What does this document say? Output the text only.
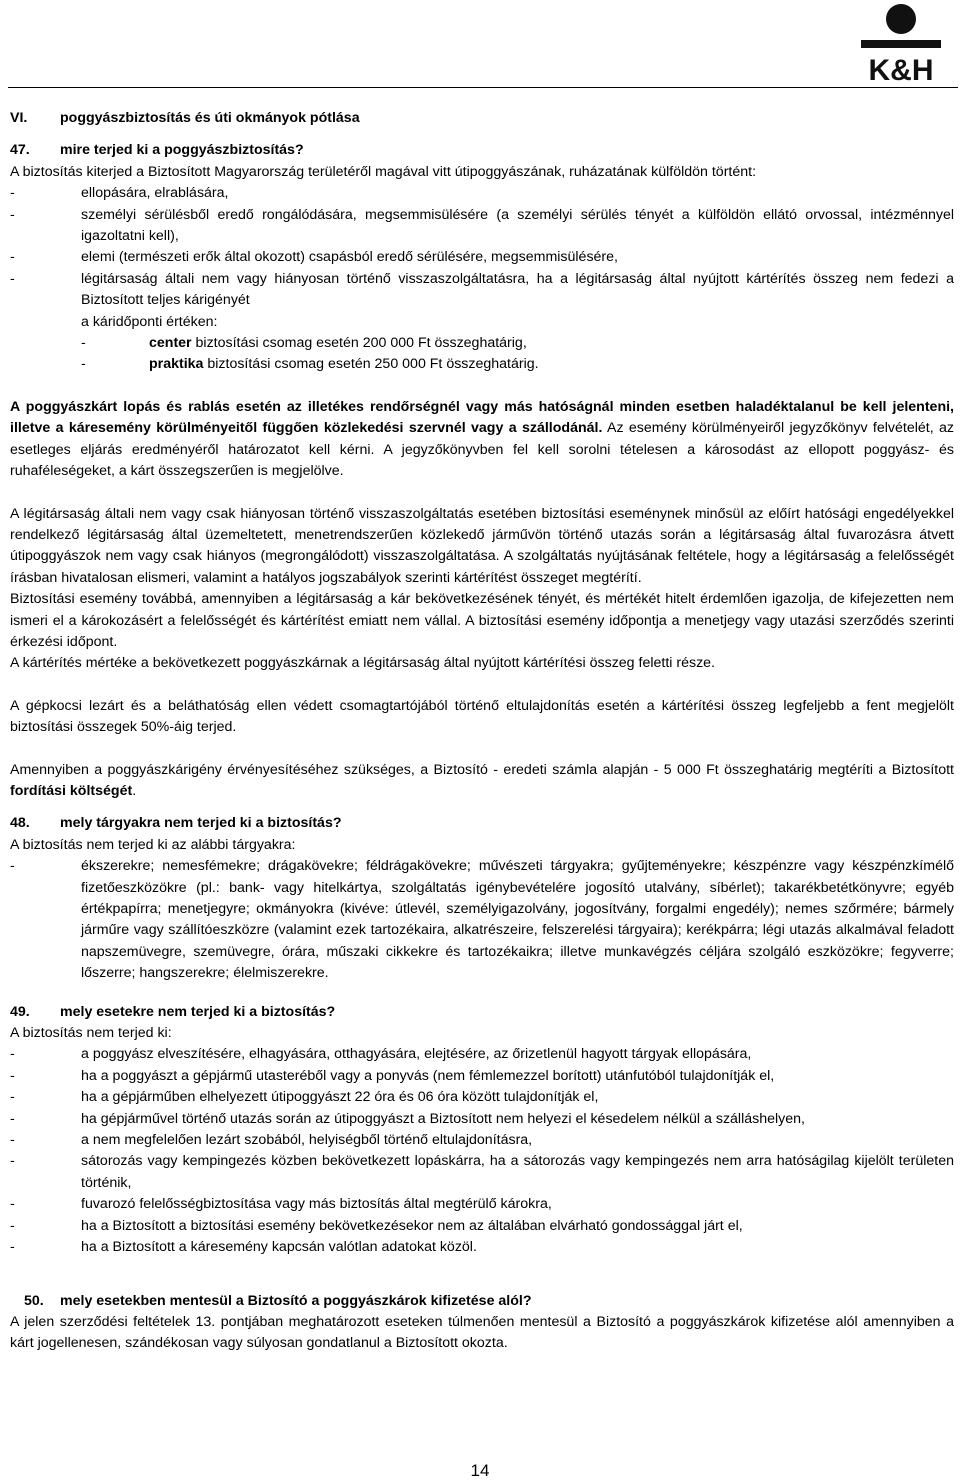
K&H
VI.	poggyászbiztosítás és úti okmányok pótlása
47.	mire terjed ki a poggyászbiztosítás?

A biztosítás kiterjed a Biztosított Magyarország területéről magával vitt útipoggyászának, ruházatának külföldön történt:

-	ellopására, elrablására,
-	személyi sérülésből eredő rongálódására, megsemmisülésére (a személyi sérülés tényét a külföldön ellátó orvossal, intézménnyel igazoltatni kell),
-	elemi (természeti erők által okozott) csapásból eredő sérülésére, megsemmisülésére,
-	légitársaság általi nem vagy hiányosan történő visszaszolgáltatásra, ha a légitársaság által nyújtott kártérítés összeg nem fedezi a Biztosított teljes kárigényét
a káridőponti értéken:
-	center biztosítási csomag esetén 200 000 Ft összeghatárig,
-	praktika biztosítási csomag esetén 250 000 Ft összeghatárig.

A poggyászkárt lopás és rablás esetén az illetékes rendőrségnél vagy más hatóságnál minden esetben haladéktalanul be kell jelenteni, illetve a káresemény körülményeitől függően közlekedési szervnél vagy a szállodánál. Az esemény körülményeiről jegyzőkönyv felvételét, az esetleges eljárás eredményéről határozatot kell kérni. A jegyzőkönyvben fel kell sorolni tételesen a károsodást az ellopott poggyász- és ruhaféleségeket, a kárt összegszerűen is megjelölve.

A légitársaság általi nem vagy csak hiányosan történő visszaszolgáltatás esetében biztosítási eseménynek minősül az előírt hatósági engedélyekkel rendelkező légitársaság által üzemeltetett, menetrendszerűen közlekedő járművön történő utazás során a légitársaság által fuvarozásra átvett útipoggyászok nem vagy csak hiányos (megrongálódott) visszaszolgáltatása. A szolgáltatás nyújtásának feltétele, hogy a légitársaság a felelősségét írásban hivatalosan elismeri, valamint a hatályos jogszabályok szerinti kártérítést összeget megtérítí.

Biztosítási esemény továbbá, amennyiben a légitársaság a kár bekövetkezésének tényét, és mértékét hitelt érdemlően igazolja, de kifejezetten nem ismeri el a károkozásért a felelősségét és kártérítést emiatt nem vállal. A biztosítási esemény időpontja a menetjegy vagy utazási szerződés szerinti érkezési időpont.

A kártérítés mértéke a bekövetkezett poggyászkárnak a légitársaság által nyújtott kártérítési összeg feletti része.

A gépkocsi lezárt és a beláthatóság ellen védett csomagtartójából történő eltulajdonítás esetén a kártérítési összeg legfeljebb a fent megjelölt biztosítási összegek 50%-áig terjed.

Amennyiben a poggyászkárigény érvényesítéséhez szükséges, a Biztosító - eredeti számla alapján - 5 000 Ft összeghatárig megtéríti a Biztosított fordítási költségét.

48.	mely tárgyakra nem terjed ki a biztosítás?

A biztosítás nem terjed ki az alábbi tárgyakra:

-	ékszerekre; nemesfémekre; drágakövekre; féldrágakövekre; művészeti tárgyakra; gyűjteményekre; készpénzre vagy készpénzkímélő fizetőeszközökre (pl.: bank- vagy hitelkártya, szolgáltatás igénybevételére jogosító utalvány, síbérlet); takarékbetétkönyvre; egyéb értékpapírra; menetjegyre; okmányokra (kivéve: útlevél, személyigazolvány, jogosítvány, forgalmi engedély); nemes szőrmére; bármely járműre vagy szállítóeszközre (valamint ezek tartozékaira, alkatrészeire, felszerelési tárgyaira); kerékpárra; légi utazás alkalmával feladott napszemüvegre, szemüvegre, órára, műszaki cikkekre és tartozékaikra; illetve munkavégzés céljára szolgáló eszközökre; fegyverre; lőszerre; hangszerekre; élelmiszerekre.
49.	mely esetekre nem terjed ki a biztosítás?

A biztosítás nem terjed ki:

-	a poggyász elveszítésére, elhagyására, otthagyására, elejtésére, az őrizetlenül hagyott tárgyak ellopására,
-	ha a poggyászt a gépjármű utasteréből vagy a ponyvás (nem fémlemezzel borított) utánfutóból tulajdonítják el,
-	ha a gépjárműben elhelyezett útipoggyászt 22 óra és 06 óra között tulajdonítják el,
-	ha gépjárművel történő utazás során az útipoggyászt a Biztosított nem helyezi el késedelem nélkül a szálláshelyen,
-	a nem megfelelően lezárt szobából, helyiségből történő eltulajdonításra,
-	sátorozás vagy kempingezés közben bekövetkezett lopáskárra, ha a sátorozás vagy kempingezés nem arra hatóságilag kijelölt területen történik,
-	fuvarozó felelősségbiztosítása vagy más biztosítás által megtérülő károkra,
-	ha a Biztosított a biztosítási esemény bekövetkezésekor nem az általában elvárható gondossággal járt el,
-	ha a Biztosított a káresemény kapcsán valótlan adatokat közöl.
50.	mely esetekben mentesül a Biztosító a poggyászkárok kifizetése alól?

A jelen szerződési feltételek 13. pontjában meghatározott eseteken túlmenően mentesül a Biztosító a poggyászkárok kifizetése alól amennyiben a kárt jogellenesen, szándékosan vagy súlyosan gondatlanul a Biztosított okozta.

14
